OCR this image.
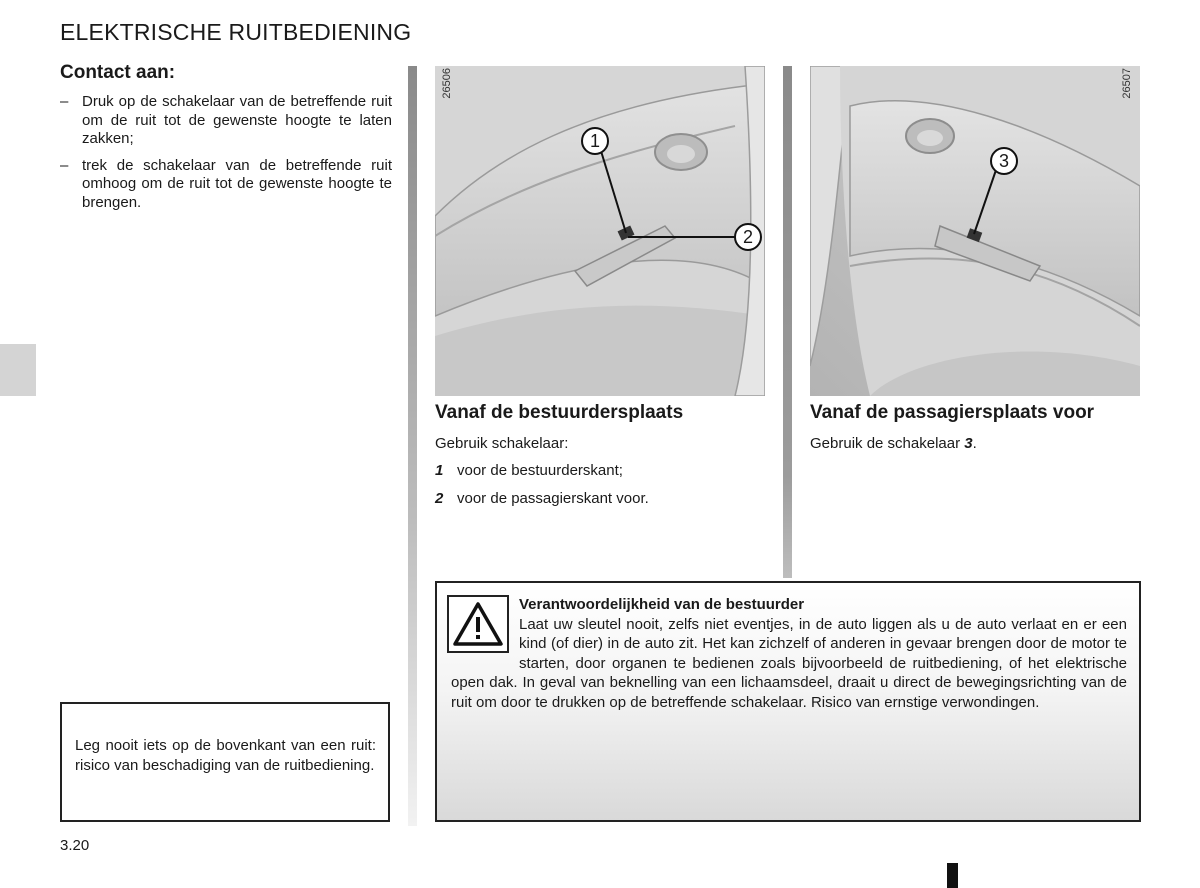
ELEKTRISCHE RUITBEDIENING
Contact aan:
– Druk op de schakelaar van de betreffende ruit om de ruit tot de gewenste hoogte te laten zakken;
– trek de schakelaar van de betreffende ruit omhoog om de ruit tot de gewenste hoogte te brengen.
Leg nooit iets op de bovenkant van een ruit: risico van beschadiging van de ruitbediening.
3.20
26506
1
2
26507
3
Vanaf de bestuurdersplaats
Gebruik schakelaar:
1 voor de bestuurderskant;
2 voor de passagierskant voor.
Vanaf de passagiersplaats voor
Gebruik de schakelaar 3.
Verantwoordelijkheid van de bestuurder
Laat uw sleutel nooit, zelfs niet eventjes, in de auto liggen als u de auto verlaat en er een kind (of dier) in de auto zit. Het kan zichzelf of anderen in gevaar brengen door de motor te starten, door organen te bedienen zoals bijvoorbeeld de ruitbediening, of het elektrische open dak. In geval van beknelling van een lichaamsdeel, draait u direct de bewegingsrichting van de ruit om door te drukken op de betreffende schakelaar. Risico van ernstige verwondingen.
